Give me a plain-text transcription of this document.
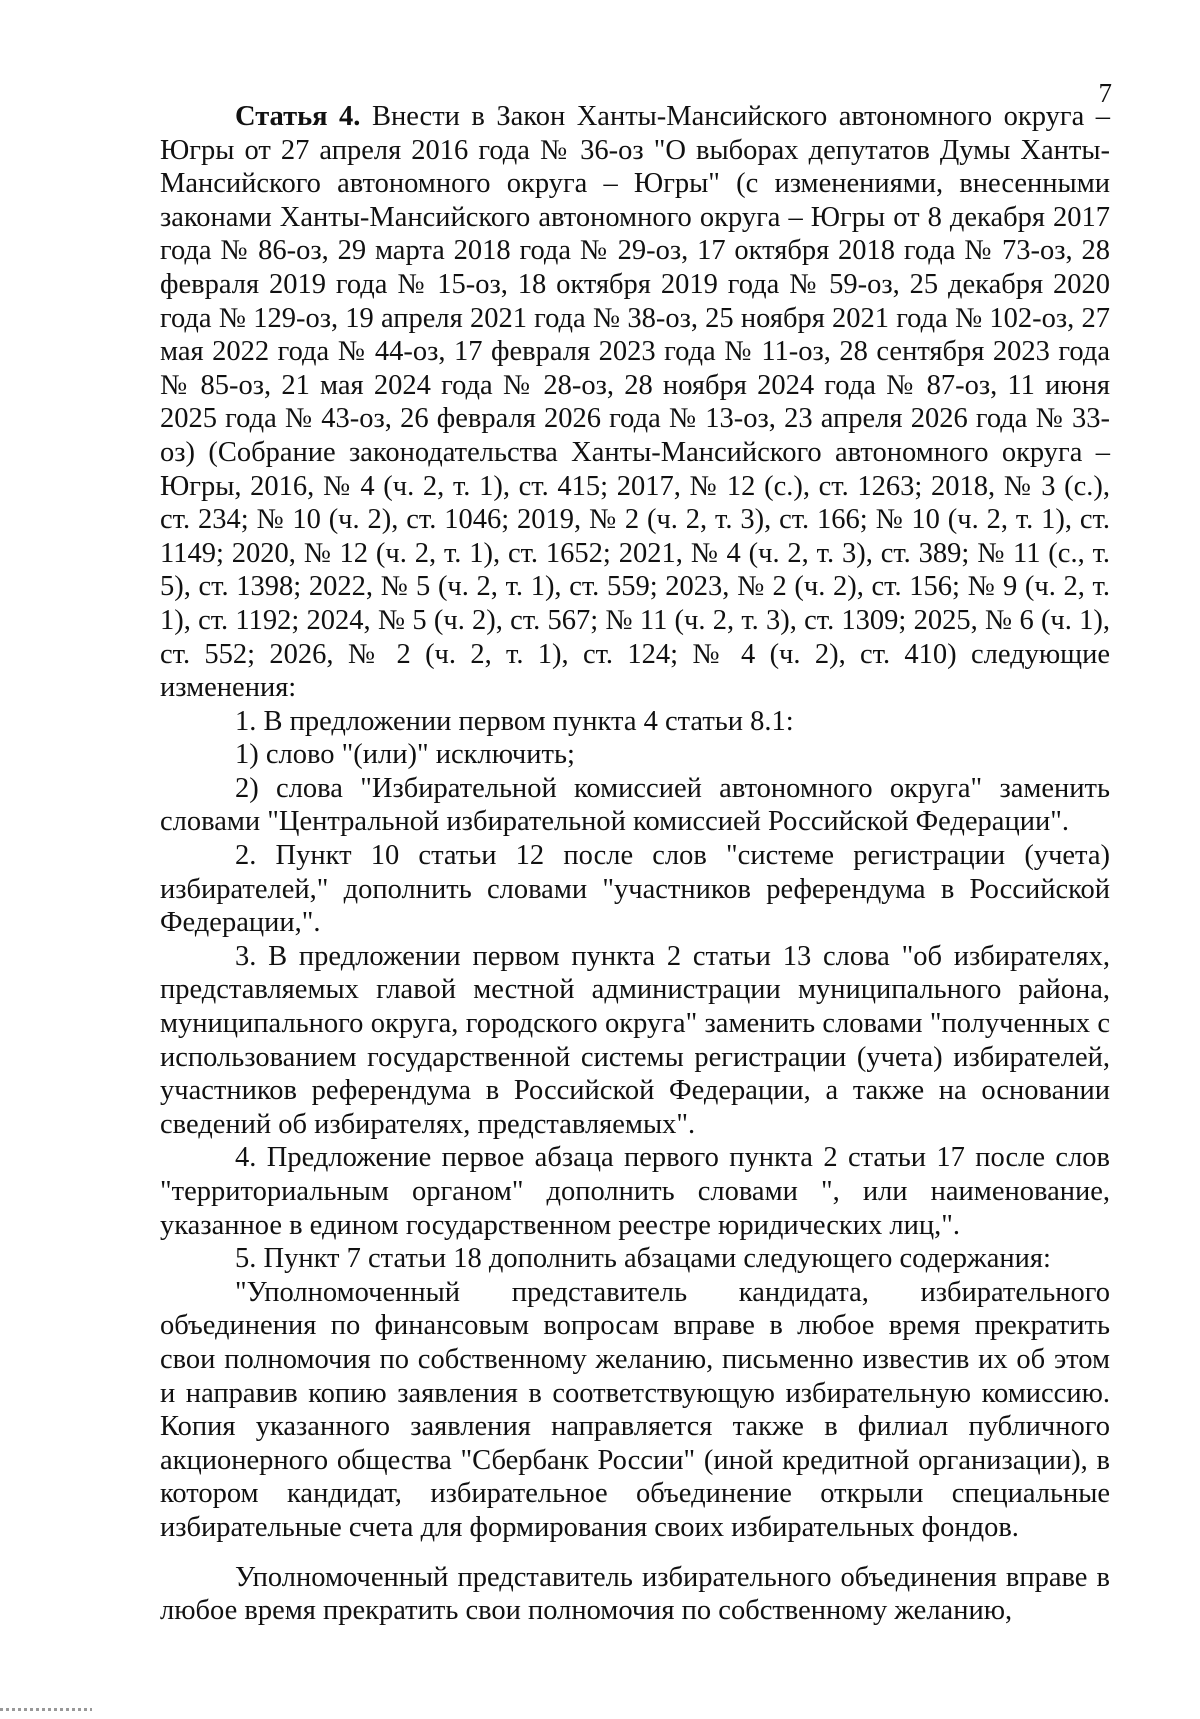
7

Статья 4. Внести в Закон Ханты-Мансийского автономного округа – Югры от 27 апреля 2016 года № 36-оз "О выборах депутатов Думы Ханты-Мансийского автономного округа – Югры" (с изменениями, внесенными законами Ханты-Мансийского автономного округа – Югры от 8 декабря 2017 года № 86-оз, 29 марта 2018 года № 29-оз, 17 октября 2018 года № 73-оз, 28 февраля 2019 года № 15-оз, 18 октября 2019 года № 59-оз, 25 декабря 2020 года № 129-оз, 19 апреля 2021 года № 38-оз, 25 ноября 2021 года № 102-оз, 27 мая 2022 года № 44-оз, 17 февраля 2023 года № 11-оз, 28 сентября 2023 года № 85-оз, 21 мая 2024 года № 28-оз, 28 ноября 2024 года № 87-оз, 11 июня 2025 года № 43-оз, 26 февраля 2026 года № 13-оз, 23 апреля 2026 года № 33-оз) (Собрание законодательства Ханты-Мансийского автономного округа – Югры, 2016, № 4 (ч. 2, т. 1), ст. 415; 2017, № 12 (с.), ст. 1263; 2018, № 3 (с.), ст. 234; № 10 (ч. 2), ст. 1046; 2019, № 2 (ч. 2, т. 3), ст. 166; № 10 (ч. 2, т. 1), ст. 1149; 2020, № 12 (ч. 2, т. 1), ст. 1652; 2021, № 4 (ч. 2, т. 3), ст. 389; № 11 (с., т. 5), ст. 1398; 2022, № 5 (ч. 2, т. 1), ст. 559; 2023, № 2 (ч. 2), ст. 156; № 9 (ч. 2, т. 1), ст. 1192; 2024, № 5 (ч. 2), ст. 567; № 11 (ч. 2, т. 3), ст. 1309; 2025, № 6 (ч. 1), ст. 552; 2026, № 2 (ч. 2, т. 1), ст. 124; № 4 (ч. 2), ст. 410) следующие изменения:

1. В предложении первом пункта 4 статьи 8.1:

1) слово "(или)" исключить;

2) слова "Избирательной комиссией автономного округа" заменить словами "Центральной избирательной комиссией Российской Федерации".

2. Пункт 10 статьи 12 после слов "системе регистрации (учета) избирателей," дополнить словами "участников референдума в Российской Федерации,".

3. В предложении первом пункта 2 статьи 13 слова "об избирателях, представляемых главой местной администрации муниципального района, муниципального округа, городского округа" заменить словами "полученных с использованием государственной системы регистрации (учета) избирателей, участников референдума в Российской Федерации, а также на основании сведений об избирателях, представляемых".

4. Предложение первое абзаца первого пункта 2 статьи 17 после слов "территориальным органом" дополнить словами ", или наименование, указанное в едином государственном реестре юридических лиц,".

5. Пункт 7 статьи 18 дополнить абзацами следующего содержания:

"Уполномоченный представитель кандидата, избирательного объединения по финансовым вопросам вправе в любое время прекратить свои полномочия по собственному желанию, письменно известив их об этом и направив копию заявления в соответствующую избирательную комиссию. Копия указанного заявления направляется также в филиал публичного акционерного общества "Сбербанк России" (иной кредитной организации), в котором кандидат, избирательное объединение открыли специальные избирательные счета для формирования своих избирательных фондов.

Уполномоченный представитель избирательного объединения вправе в любое время прекратить свои полномочия по собственному желанию,
